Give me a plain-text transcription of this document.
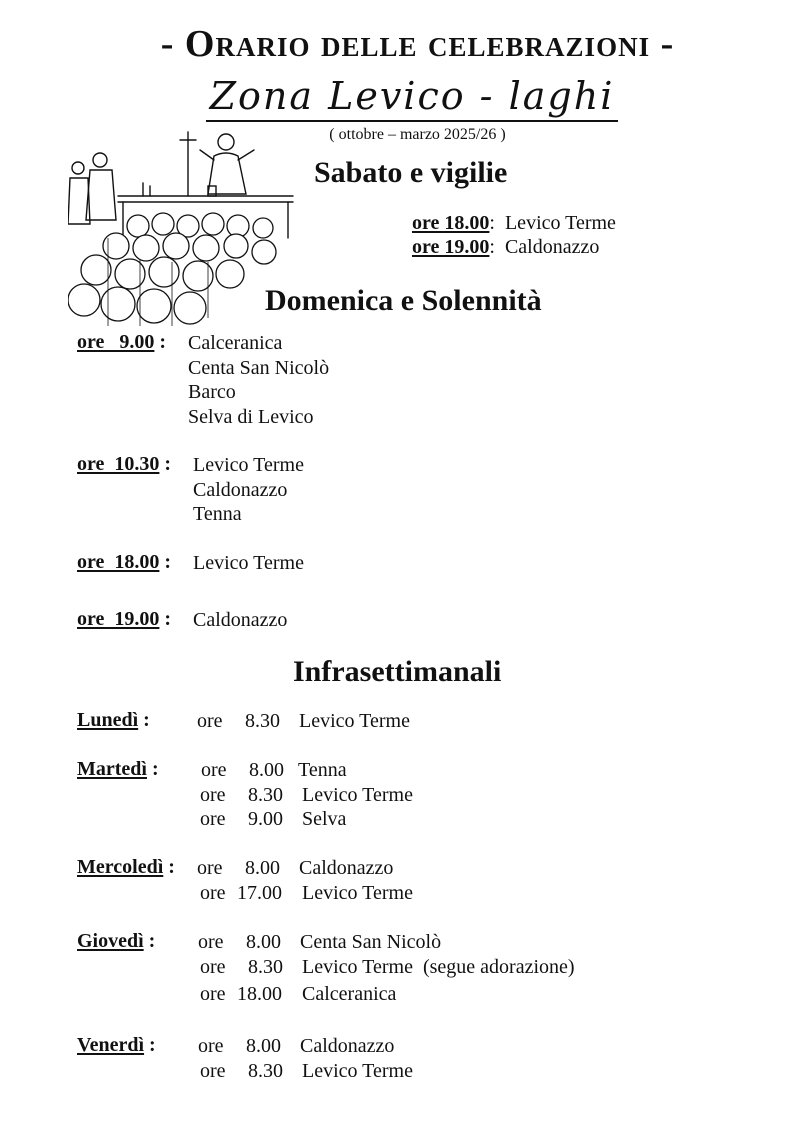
- Orario delle celebrazioni -
Zona Levico - laghi
( ottobre – marzo 2025/26 )
Sabato e vigilie
ore 18.00: Levico Terme
ore 19.00: Caldonazzo
Domenica e Solennità
ore   9.00 : Calceranica
Centa San Nicolò
Barco
Selva di Levico
ore  10.30 : Levico Terme
Caldonazzo
Tenna
ore  18.00 : Levico Terme
ore  19.00 : Caldonazzo
Infrasettimanali
Lunedì : ore 8.30 Levico Terme
Martedì : ore 8.00 Tenna
ore 8.30 Levico Terme
ore 9.00 Selva
Mercoledì : ore 8.00 Caldonazzo
ore 17.00 Levico Terme
Giovedì : ore 8.00 Centa San Nicolò
ore 8.30 Levico Terme  (segue adorazione)
ore 18.00 Calceranica
Venerdì : ore 8.00 Caldonazzo
ore 8.30 Levico Terme
